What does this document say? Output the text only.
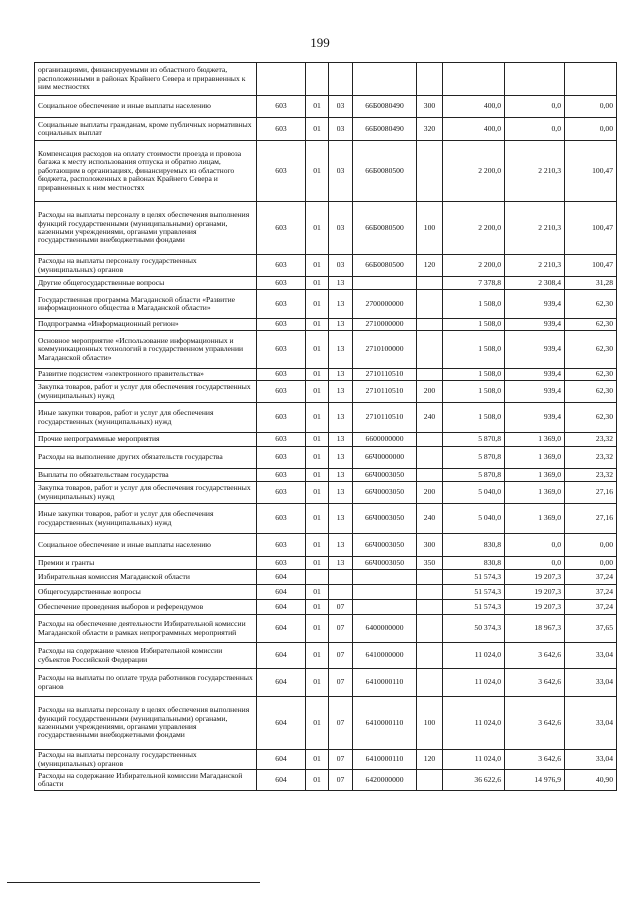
199
организациями, финансируемыми из областного бюджета, расположенными в районах Крайнего Севера и приравненных к ним местностях								
Социальное обеспечение и иные выплаты населению	603	01	03	66Б0080490	300	400,0	0,0	0,00
Социальные выплаты гражданам, кроме публичных нормативных социальных выплат	603	01	03	66Б0080490	320	400,0	0,0	0,00
Компенсация расходов на оплату стоимости проезда и провоза багажа к месту использования отпуска и обратно лицам, работающим в организациях, финансируемых из областного бюджета, расположенных в районах Крайнего Севера и приравненных к ним местностях	603	01	03	66Б0080500		2 200,0	2 210,3	100,47
Расходы на выплаты персоналу в целях обеспечения выполнения функций государственными (муниципальными) органами, казенными учреждениями, органами управления государственными внебюджетными фондами	603	01	03	66Б0080500	100	2 200,0	2 210,3	100,47
Расходы на выплаты персоналу государственных (муниципальных) органов	603	01	03	66Б0080500	120	2 200,0	2 210,3	100,47
Другие общегосударственные вопросы	603	01	13			7 378,8	2 308,4	31,28
Государственная программа Магаданской области «Развитие информационного общества в Магаданской области»	603	01	13	2700000000		1 508,0	939,4	62,30
Подпрограмма «Информационный регион»	603	01	13	2710000000		1 508,0	939,4	62,30
Основное мероприятие «Использование информационных и коммуникационных технологий в государственном управлении Магаданской области»	603	01	13	2710100000		1 508,0	939,4	62,30
Развитие подсистем «электронного правительства»	603	01	13	2710110510		1 508,0	939,4	62,30
Закупка товаров, работ и услуг для обеспечения государственных (муниципальных) нужд	603	01	13	2710110510	200	1 508,0	939,4	62,30
Иные закупки товаров, работ и услуг для обеспечения государственных (муниципальных) нужд	603	01	13	2710110510	240	1 508,0	939,4	62,30
Прочие непрограммные мероприятия	603	01	13	6600000000		5 870,8	1 369,0	23,32
Расходы на выполнение других обязательств государства	603	01	13	66Ч0000000		5 870,8	1 369,0	23,32
Выплаты по обязательствам государства	603	01	13	66Ч0003050		5 870,8	1 369,0	23,32
Закупка товаров, работ и услуг для обеспечения государственных (муниципальных) нужд	603	01	13	66Ч0003050	200	5 040,0	1 369,0	27,16
Иные закупки товаров, работ и услуг для обеспечения государственных (муниципальных) нужд	603	01	13	66Ч0003050	240	5 040,0	1 369,0	27,16
Социальное обеспечение и иные выплаты населению	603	01	13	66Ч0003050	300	830,8	0,0	0,00
Премии и гранты	603	01	13	66Ч0003050	350	830,8	0,0	0,00
Избирательная комиссия Магаданской области	604					51 574,3	19 207,3	37,24
Общегосударственные вопросы	604	01				51 574,3	19 207,3	37,24
Обеспечение проведения выборов и референдумов	604	01	07			51 574,3	19 207,3	37,24
Расходы на обеспечение деятельности Избирательной комиссии Магаданской области в рамках непрограммных мероприятий	604	01	07	6400000000		50 374,3	18 967,3	37,65
Расходы на содержание членов Избирательной комиссии субъектов Российской Федерации	604	01	07	6410000000		11 024,0	3 642,6	33,04
Расходы на выплаты по оплате труда работников государственных органов	604	01	07	6410000110		11 024,0	3 642,6	33,04
Расходы на выплаты персоналу в целях обеспечения выполнения функций государственными (муниципальными) органами, казенными учреждениями, органами управления государственными внебюджетными фондами	604	01	07	6410000110	100	11 024,0	3 642,6	33,04
Расходы на выплаты персоналу государственных (муниципальных) органов	604	01	07	6410000110	120	11 024,0	3 642,6	33,04
Расходы на содержание Избирательной комиссии Магаданской области	604	01	07	6420000000		36 622,6	14 976,9	40,90
